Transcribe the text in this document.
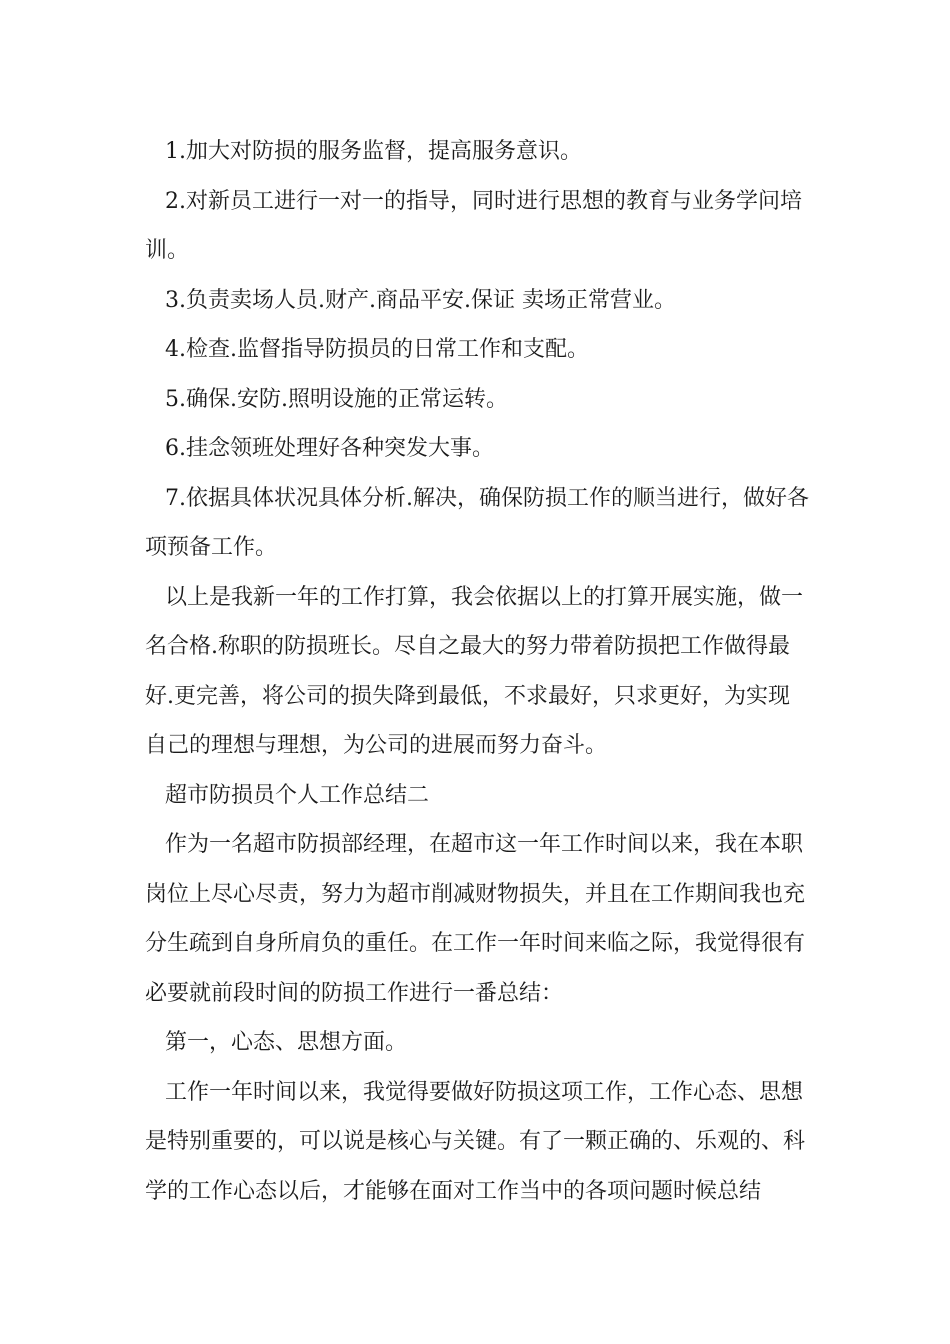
1.加大对防损的服务监督，提高服务意识。

2.对新员工进行一对一的指导，同时进行思想的教育与业务学问培训。

3.负责卖场人员.财产.商品平安.保证 卖场正常营业。

4.检查.监督指导防损员的日常工作和支配。

5.确保.安防.照明设施的正常运转。

6.挂念领班处理好各种突发大事。

7.依据具体状况具体分析.解决，确保防损工作的顺当进行，做好各项预备工作。

以上是我新一年的工作打算，我会依据以上的打算开展实施，做一名合格.称职的防损班长。尽自之最大的努力带着防损把工作做得最好.更完善，将公司的损失降到最低，不求最好，只求更好，为实现自己的理想与理想，为公司的进展而努力奋斗。

超市防损员个人工作总结二

作为一名超市防损部经理，在超市这一年工作时间以来，我在本职岗位上尽心尽责，努力为超市削减财物损失，并且在工作期间我也充分生疏到自身所肩负的重任。在工作一年时间来临之际，我觉得很有必要就前段时间的防损工作进行一番总结：

第一，心态、思想方面。

工作一年时间以来，我觉得要做好防损这项工作，工作心态、思想是特别重要的，可以说是核心与关键。有了一颗正确的、乐观的、科学的工作心态以后，才能够在面对工作当中的各项问题时候总结
